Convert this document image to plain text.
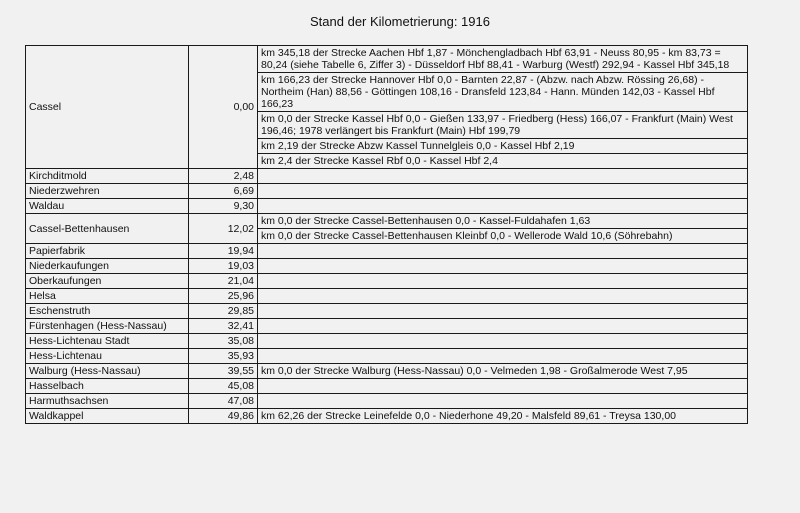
Stand der Kilometrierung: 1916
Cassel	0,00	km 345,18 der Strecke Aachen Hbf 1,87 - Mönchengladbach Hbf 63,91 - Neuss 80,95 - km 83,73 = 80,24 (siehe Tabelle 6, Ziffer 3) - Düsseldorf Hbf 88,41 - Warburg (Westf) 292,94 - Kassel Hbf 345,18
		km 166,23 der Strecke Hannover Hbf 0,0 - Barnten 22,87 - (Abzw. nach Abzw. Rössing 26,68) - Northeim (Han) 88,56 - Göttingen 108,16 - Dransfeld 123,84 - Hann. Münden 142,03 - Kassel Hbf 166,23
		km 0,0 der Strecke Kassel Hbf 0,0 - Gießen 133,97 - Friedberg (Hess) 166,07 - Frankfurt (Main) West 196,46; 1978 verlängert bis Frankfurt (Main) Hbf 199,79
		km 2,19 der Strecke Abzw Kassel Tunnelgleis 0,0 - Kassel Hbf 2,19
		km 2,4 der Strecke Kassel Rbf 0,0 - Kassel Hbf 2,4
Kirchditmold	2,48	
Niederzwehren	6,69	
Waldau	9,30	
Cassel-Bettenhausen	12,02	km 0,0 der Strecke Cassel-Bettenhausen 0,0 - Kassel-Fuldahafen 1,63
		km 0,0 der Strecke Cassel-Bettenhausen Kleinbf 0,0 - Wellerode Wald 10,6 (Söhrebahn)
Papierfabrik	19,94	
Niederkaufungen	19,03	
Oberkaufungen	21,04	
Helsa	25,96	
Eschenstruth	29,85	
Fürstenhagen (Hess-Nassau)	32,41	
Hess-Lichtenau Stadt	35,08	
Hess-Lichtenau	35,93	
Walburg (Hess-Nassau)	39,55	km 0,0 der Strecke Walburg (Hess-Nassau) 0,0 - Velmeden 1,98 - Großalmerode West 7,95
Hasselbach	45,08	
Harmuthsachsen	47,08	
Waldkappel	49,86	km 62,26 der Strecke Leinefelde 0,0 - Niederhone 49,20 - Malsfeld 89,61 - Treysa 130,00
